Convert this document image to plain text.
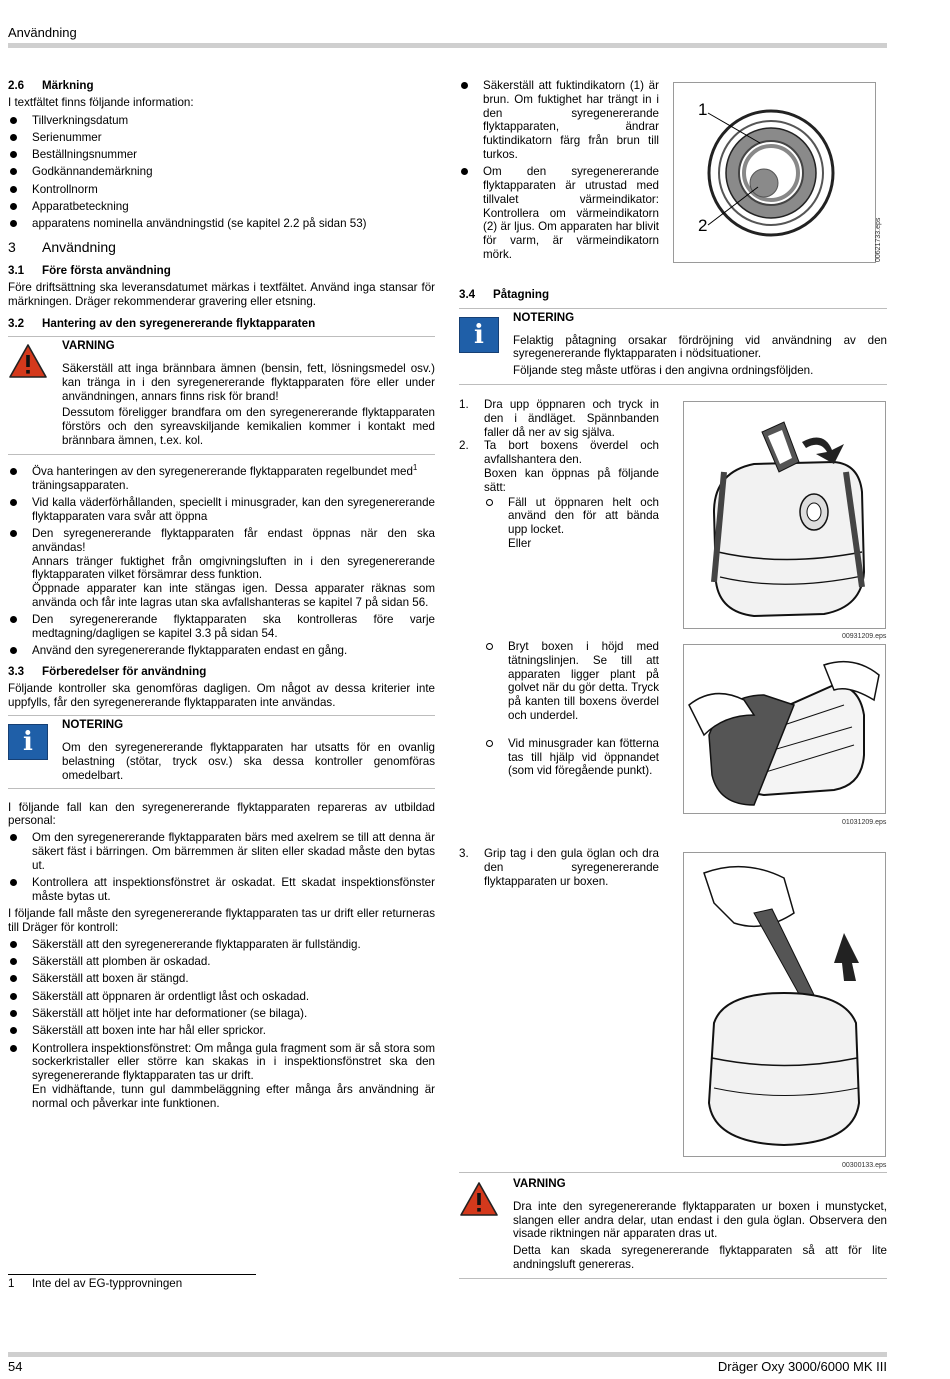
Användning

2.6 Märkning

I textfältet finns följande information:

Tillverkningsdatum
Serienummer
Beställningsnummer
Godkännandemärkning
Kontrollnorm
Apparatbeteckning
apparatens nominella användningstid (se kapitel 2.2 på sidan 53)

3 Användning

3.1 Före första användning

Före driftsättning ska leveransdatumet märkas i textfältet. Använd inga stansar för märkningen. Dräger rekommenderar gravering eller etsning.

3.2 Hantering av den syregenererande flyktapparaten

VARNING

Säkerställ att inga brännbara ämnen (bensin, fett, lösningsmedel osv.) kan tränga in i den syregenererande flyktapparaten före eller under användningen, annars finns risk för brand!

Dessutom föreligger brandfara om den syregenererande flyktapparaten förstörs och den syreavskiljande kemikalien kommer i kontakt med brännbara ämnen, t.ex. kol.

Öva hanteringen av den syregenererande flyktapparaten regelbundet med$^1$
träningsapparaten.
Vid kalla väderförhållanden, speciellt i minusgrader, kan den syregenererande flyktapparaten vara svår att öppna
Den syregenererande flyktapparaten får endast öppnas när den ska användas!
Annars tränger fuktighet från omgivningsluften in i den syregenererande flyktapparaten vilket försämrar dess funktion.
Öppnade apparater kan inte stängas igen. Dessa apparater räknas som använda och får inte lagras utan ska avfallshanteras se kapitel 7 på sidan 56.
Den syregenererande flyktapparaten ska kontrolleras före varje medtagning/dagligen se kapitel 3.3 på sidan 54.
Använd den syregenererande flyktapparaten endast en gång.

3.3 Förberedelser för användning

Följande kontroller ska genomföras dagligen. Om något av dessa kriterier inte uppfylls, får den syregenererande flyktapparaten inte användas.

i

NOTERING

Om den syregenererande flyktapparaten har utsatts för en ovanlig belastning (stötar, tryck osv.) ska dessa kontroller genomföras omedelbart.

I följande fall kan den syregenererande flyktapparaten repareras av utbildad personal:

Om den syregenererande flyktapparaten bärs med axelrem se till att denna är säkert fäst i bärringen. Om bärremmen är sliten eller skadad måste den bytas ut.
Kontrollera att inspektionsfönstret är oskadat. Ett skadat inspektionsfönster måste bytas ut.

I följande fall måste den syregenererande flyktapparaten tas ur drift eller returneras till Dräger för kontroll:

Säkerställ att den syregenererande flyktapparaten är fullständig.
Säkerställ att plomben är oskadad.
Säkerställ att boxen är stängd.
Säkerställ att öppnaren är ordentligt låst och oskadad.
Säkerställ att höljet inte har deformationer (se bilaga).
Säkerställ att boxen inte har hål eller sprickor.
Kontrollera inspektionsfönstret: Om många gula fragment som är så stora som sockerkristaller eller större kan skakas in i inspektionsfönstret ska den syregenererande flyktapparaten tas ur drift.
En vidhäftande, tunn gul dammbeläggning efter många års användning är normal och påverkar inte funktionen.
1 Inte del av EG-typprovningen
Säkerställ att fuktindikatorn (1) är brun. Om fuktighet har trängt in i den syregenererande flyktapparaten, ändrar fuktindikatorn färg från brun till turkos.
Om den syregenererande flyktapparaten är utrustad med tillvalet värmeindikator: Kontrollera om värmeindikatorn (2) är ljus. Om apparaten har blivit för varm, är värmeindikatorn mörk.
1
2	00621733.eps

3.4 Påtagning

i

NOTERING

Felaktig påtagning orsakar fördröjning vid användning av den syregenererande flyktapparaten i nödsituationer.

Följande steg måste utföras i den angivna ordningsföljden.

1. Dra upp öppnaren och tryck in den i ändläget. Spännbanden faller då ner av sig själva.
2. Ta bort boxens överdel och avfallshantera den.
Boxen kan öppnas på följande sätt:
Fäll ut öppnaren helt och använd den för att bända upp locket.
Eller
Bryt boxen i höjd med tätningslinjen. Se till att apparaten ligger plant på golvet när du gör detta. Tryck på kanten till boxens överdel och underdel.
Vid minusgrader kan fötterna tas till hjälp vid öppnandet (som vid föregående punkt).
00931209.eps
01031209.eps
3. Grip tag i den gula öglan och dra den syregenererande flyktapparaten ur boxen.
00300133.eps

VARNING

Dra inte den syregenererande flyktapparaten ur boxen i munstycket, slangen eller andra delar, utan endast i den gula öglan. Observera den visade riktningen när apparaten dras ut.

Detta kan skada syregenererande flyktapparaten så att för lite andningsluft genereras.

54	Dräger Oxy 3000/6000 MK III
